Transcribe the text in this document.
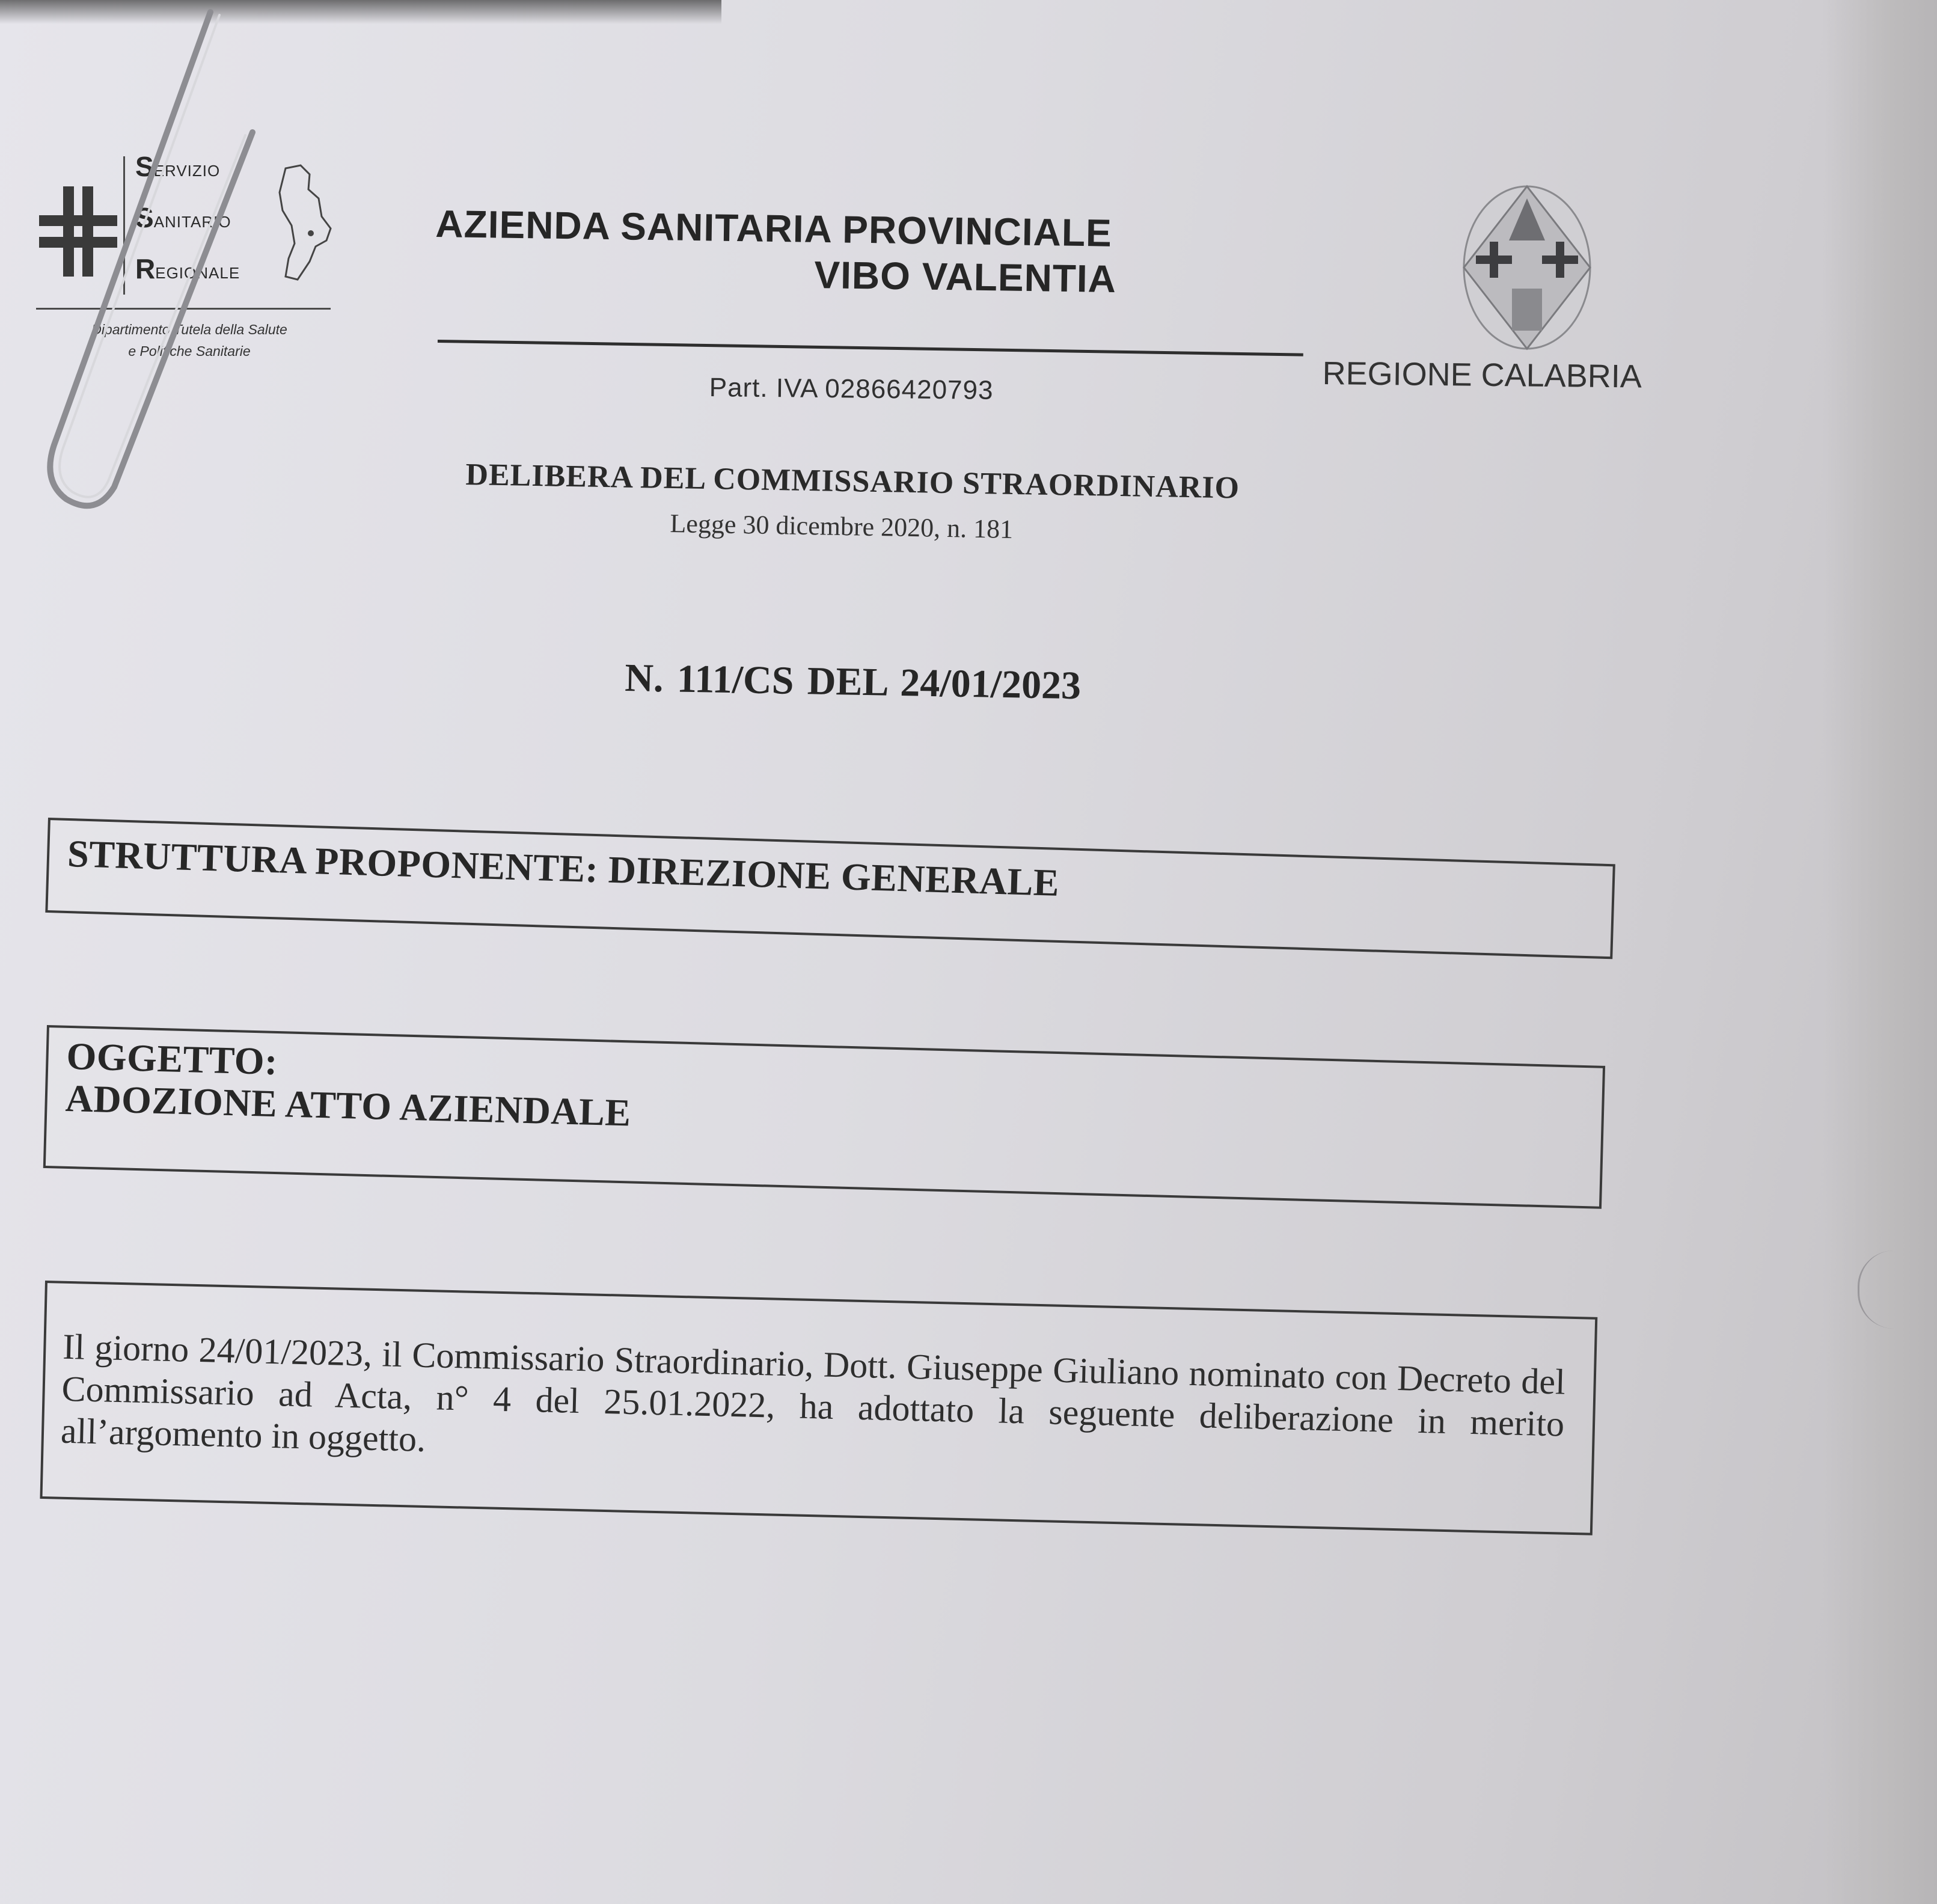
SERVIZIO
SANITARIO
REGIONALE
Dipartimento Tutela della Salute
e Politiche Sanitarie
AZIENDA SANITARIA PROVINCIALE
VIBO VALENTIA
Part. IVA 02866420793	REGIONE CALABRIA
DELIBERA DEL COMMISSARIO STRAORDINARIO
Legge 30 dicembre 2020, n. 181
N. 111/CS DEL 24/01/2023
STRUTTURA PROPONENTE: DIREZIONE GENERALE
OGGETTO:
ADOZIONE ATTO AZIENDALE
Il giorno 24/01/2023, il Commissario Straordinario, Dott. Giuseppe Giuliano nominato con Decreto del Commissario ad Acta, n° 4 del 25.01.2022, ha adottato la seguente deliberazione in merito all’argomento in oggetto.
